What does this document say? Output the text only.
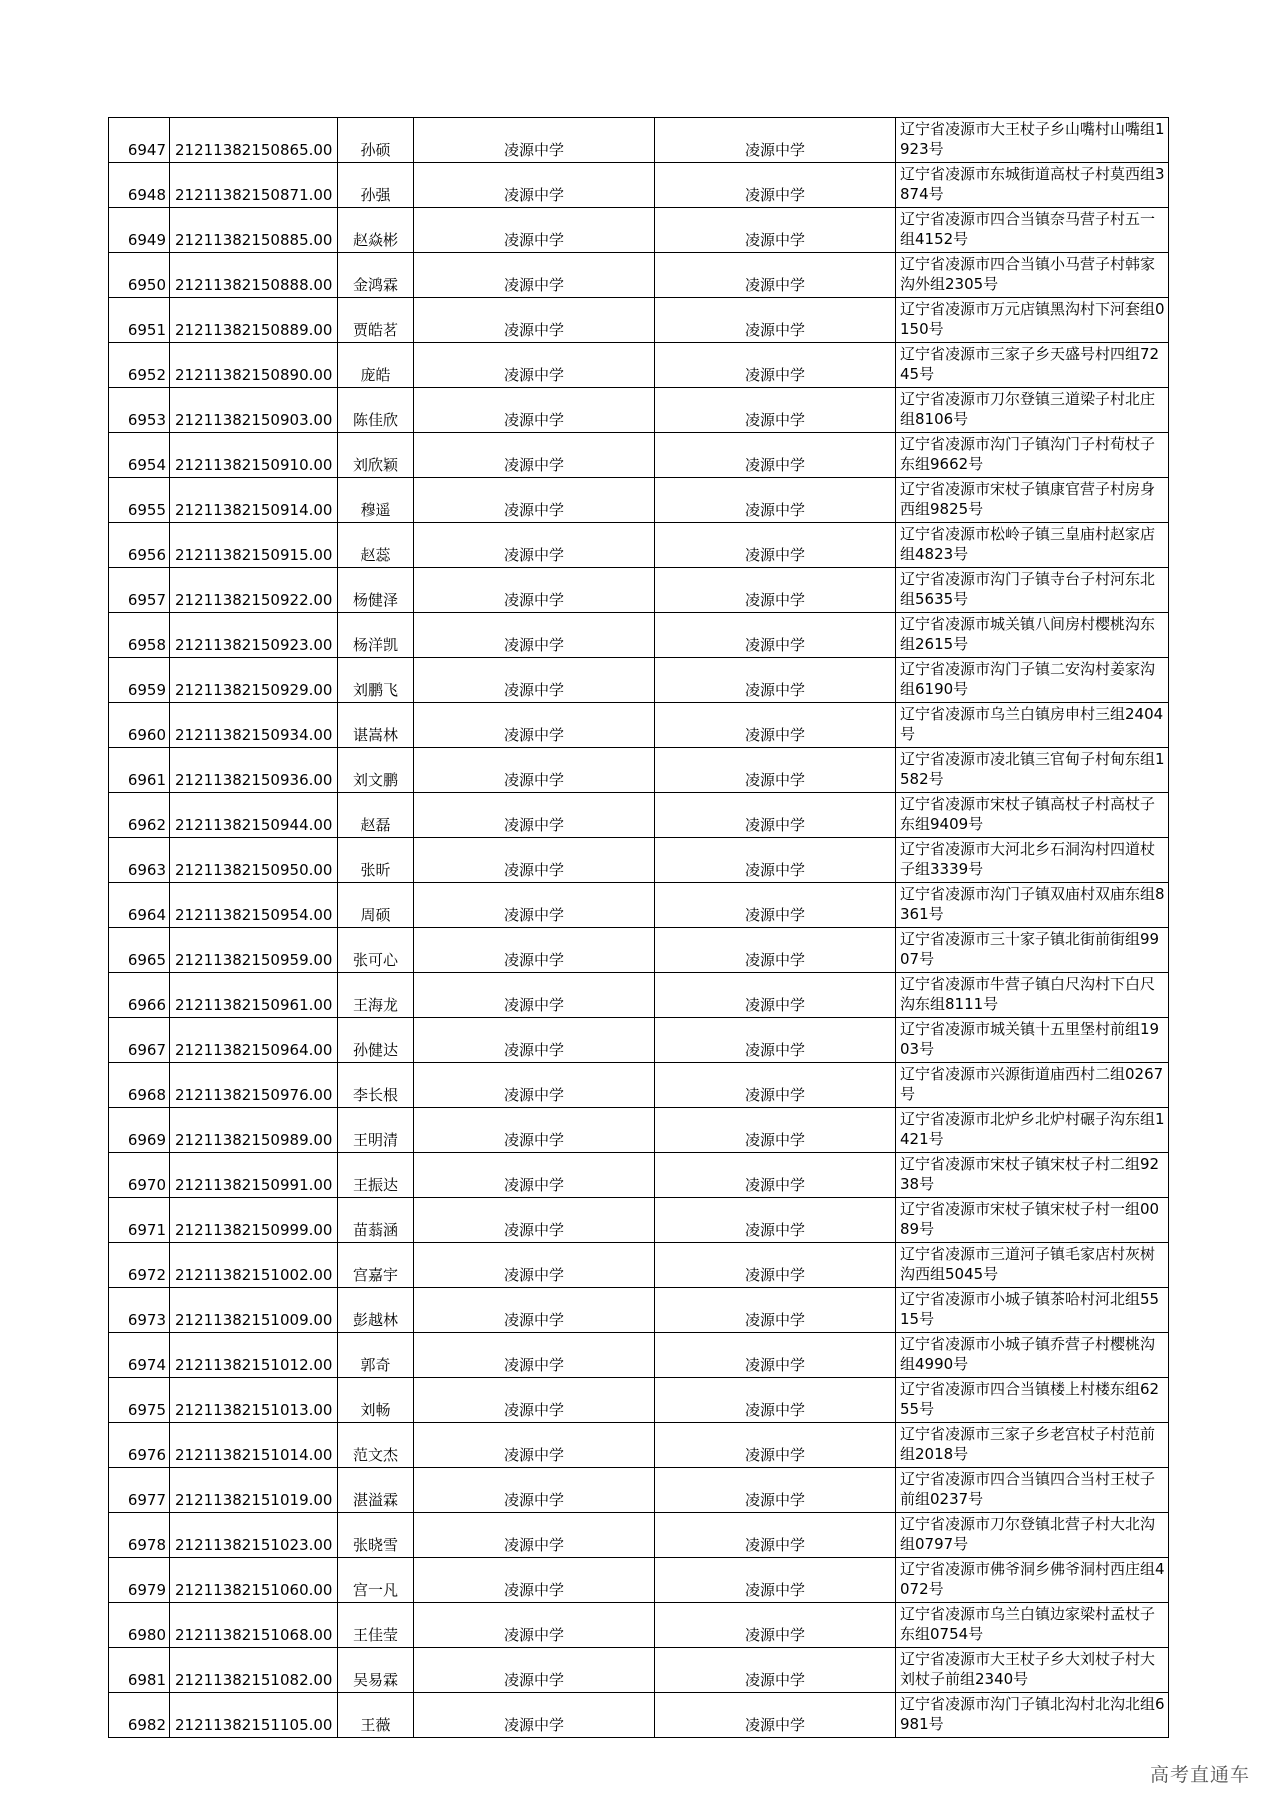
6947	21211382150865.00	孙硕	凌源中学	凌源中学	辽宁省凌源市大王杖子乡山嘴村山嘴组1923号
6948	21211382150871.00	孙强	凌源中学	凌源中学	辽宁省凌源市东城街道高杖子村莫西组3874号
6949	21211382150885.00	赵焱彬	凌源中学	凌源中学	辽宁省凌源市四合当镇奈马营子村五一组4152号
6950	21211382150888.00	金鸿霖	凌源中学	凌源中学	辽宁省凌源市四合当镇小马营子村韩家沟外组2305号
6951	21211382150889.00	贾皓茗	凌源中学	凌源中学	辽宁省凌源市万元店镇黑沟村下河套组0150号
6952	21211382150890.00	庞皓	凌源中学	凌源中学	辽宁省凌源市三家子乡天盛号村四组7245号
6953	21211382150903.00	陈佳欣	凌源中学	凌源中学	辽宁省凌源市刀尔登镇三道梁子村北庄组8106号
6954	21211382150910.00	刘欣颖	凌源中学	凌源中学	辽宁省凌源市沟门子镇沟门子村荀杖子东组9662号
6955	21211382150914.00	穆遥	凌源中学	凌源中学	辽宁省凌源市宋杖子镇康官营子村房身西组9825号
6956	21211382150915.00	赵蕊	凌源中学	凌源中学	辽宁省凌源市松岭子镇三皇庙村赵家店组4823号
6957	21211382150922.00	杨健泽	凌源中学	凌源中学	辽宁省凌源市沟门子镇寺台子村河东北组5635号
6958	21211382150923.00	杨洋凯	凌源中学	凌源中学	辽宁省凌源市城关镇八间房村樱桃沟东组2615号
6959	21211382150929.00	刘鹏飞	凌源中学	凌源中学	辽宁省凌源市沟门子镇二安沟村姜家沟组6190号
6960	21211382150934.00	谌嵩林	凌源中学	凌源中学	辽宁省凌源市乌兰白镇房申村三组2404号
6961	21211382150936.00	刘文鹏	凌源中学	凌源中学	辽宁省凌源市凌北镇三官甸子村甸东组1582号
6962	21211382150944.00	赵磊	凌源中学	凌源中学	辽宁省凌源市宋杖子镇高杖子村高杖子东组9409号
6963	21211382150950.00	张昕	凌源中学	凌源中学	辽宁省凌源市大河北乡石洞沟村四道杖子组3339号
6964	21211382150954.00	周硕	凌源中学	凌源中学	辽宁省凌源市沟门子镇双庙村双庙东组8361号
6965	21211382150959.00	张可心	凌源中学	凌源中学	辽宁省凌源市三十家子镇北街前街组9907号
6966	21211382150961.00	王海龙	凌源中学	凌源中学	辽宁省凌源市牛营子镇白尺沟村下白尺沟东组8111号
6967	21211382150964.00	孙健达	凌源中学	凌源中学	辽宁省凌源市城关镇十五里堡村前组1903号
6968	21211382150976.00	李长根	凌源中学	凌源中学	辽宁省凌源市兴源街道庙西村二组0267号
6969	21211382150989.00	王明清	凌源中学	凌源中学	辽宁省凌源市北炉乡北炉村碾子沟东组1421号
6970	21211382150991.00	王振达	凌源中学	凌源中学	辽宁省凌源市宋杖子镇宋杖子村二组9238号
6971	21211382150999.00	苗蓊涵	凌源中学	凌源中学	辽宁省凌源市宋杖子镇宋杖子村一组0089号
6972	21211382151002.00	宫嘉宇	凌源中学	凌源中学	辽宁省凌源市三道河子镇毛家店村灰树沟西组5045号
6973	21211382151009.00	彭越林	凌源中学	凌源中学	辽宁省凌源市小城子镇茶哈村河北组5515号
6974	21211382151012.00	郭奇	凌源中学	凌源中学	辽宁省凌源市小城子镇乔营子村樱桃沟组4990号
6975	21211382151013.00	刘畅	凌源中学	凌源中学	辽宁省凌源市四合当镇楼上村楼东组6255号
6976	21211382151014.00	范文杰	凌源中学	凌源中学	辽宁省凌源市三家子乡老宫杖子村范前组2018号
6977	21211382151019.00	湛溢霖	凌源中学	凌源中学	辽宁省凌源市四合当镇四合当村王杖子前组0237号
6978	21211382151023.00	张晓雪	凌源中学	凌源中学	辽宁省凌源市刀尔登镇北营子村大北沟组0797号
6979	21211382151060.00	宫一凡	凌源中学	凌源中学	辽宁省凌源市佛爷洞乡佛爷洞村西庄组4072号
6980	21211382151068.00	王佳莹	凌源中学	凌源中学	辽宁省凌源市乌兰白镇边家梁村孟杖子东组0754号
6981	21211382151082.00	吴易霖	凌源中学	凌源中学	辽宁省凌源市大王杖子乡大刘杖子村大刘杖子前组2340号
6982	21211382151105.00	王薇	凌源中学	凌源中学	辽宁省凌源市沟门子镇北沟村北沟北组6981号
高考直通车
